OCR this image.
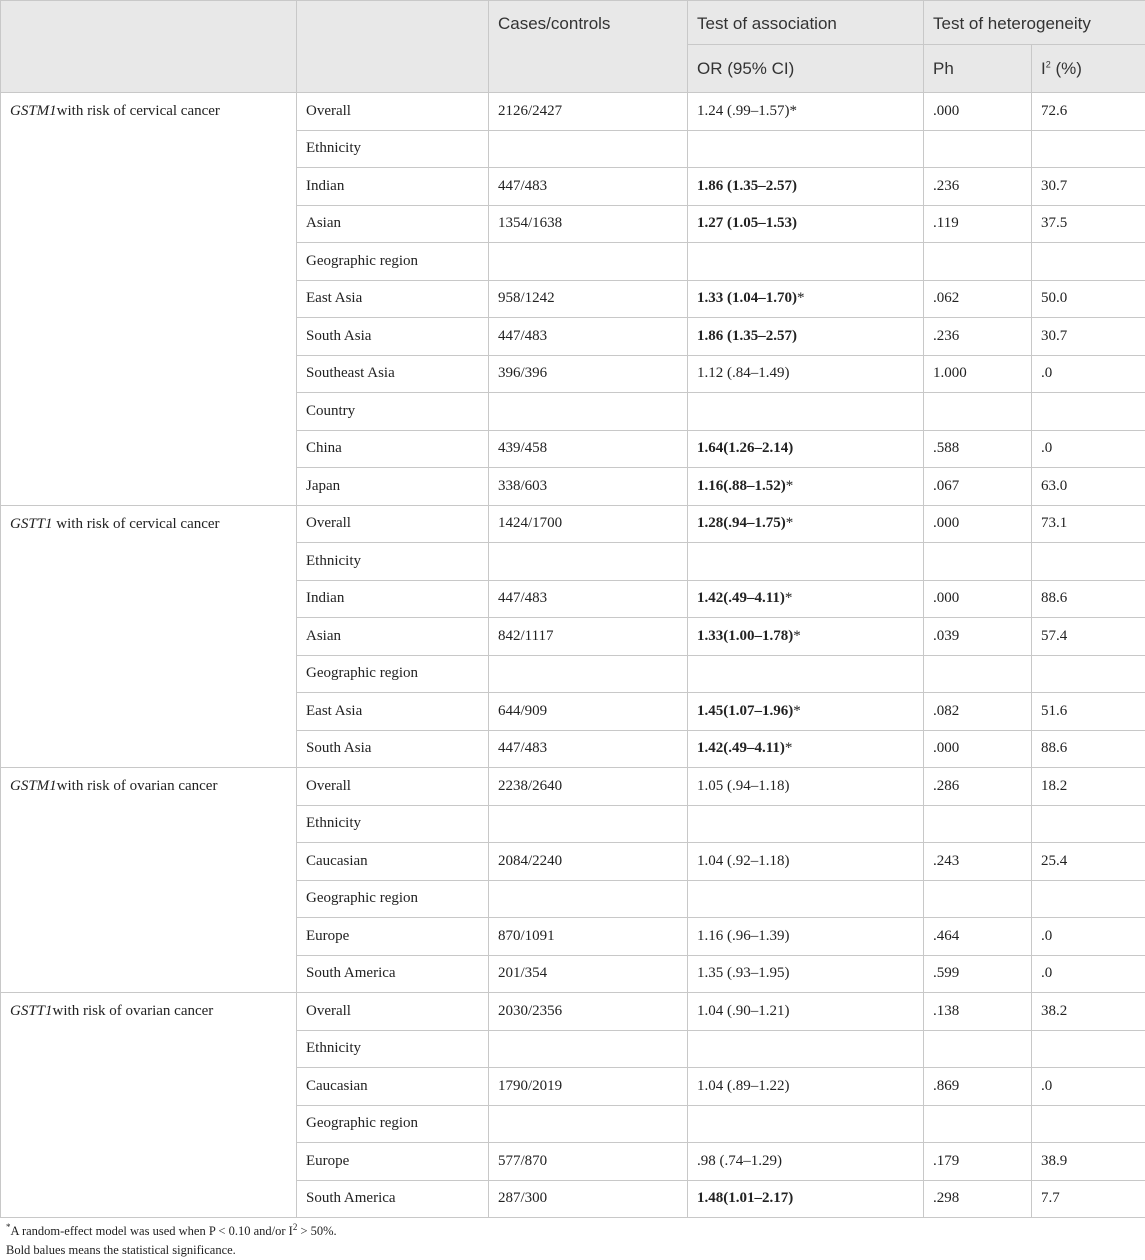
		Cases/controls	Test of association	Test of heterogeneity	
			OR (95% CI)	Ph	$I^2$ (%)
GSTM1with risk of cervical cancer	Overall	2126/2427	1.24 (.99–1.57)*	.000	72.6
	Ethnicity				
	Indian	447/483	1.86 (1.35–2.57)	.236	30.7
	Asian	1354/1638	1.27 (1.05–1.53)	.119	37.5
	Geographic region				
	East Asia	958/1242	1.33 (1.04–1.70)*	.062	50.0
	South Asia	447/483	1.86 (1.35–2.57)	.236	30.7
	Southeast Asia	396/396	1.12 (.84–1.49)	1.000	.0
	Country				
	China	439/458	1.64(1.26–2.14)	.588	.0
	Japan	338/603	1.16(.88–1.52)*	.067	63.0
GSTT1 with risk of cervical cancer	Overall	1424/1700	1.28(.94–1.75)*	.000	73.1
	Ethnicity				
	Indian	447/483	1.42(.49–4.11)*	.000	88.6
	Asian	842/1117	1.33(1.00–1.78)*	.039	57.4
	Geographic region				
	East Asia	644/909	1.45(1.07–1.96)*	.082	51.6
	South Asia	447/483	1.42(.49–4.11)*	.000	88.6
GSTM1with risk of ovarian cancer	Overall	2238/2640	1.05 (.94–1.18)	.286	18.2
	Ethnicity				
	Caucasian	2084/2240	1.04 (.92–1.18)	.243	25.4
	Geographic region				
	Europe	870/1091	1.16 (.96–1.39)	.464	.0
	South America	201/354	1.35 (.93–1.95)	.599	.0
GSTT1with risk of ovarian cancer	Overall	2030/2356	1.04 (.90–1.21)	.138	38.2
	Ethnicity				
	Caucasian	1790/2019	1.04 (.89–1.22)	.869	.0
	Geographic region				
	Europe	577/870	.98 (.74–1.29)	.179	38.9
	South America	287/300	1.48(1.01–2.17)	.298	7.7
*A random-effect model was used when P < 0.10 and/or $I^2 > 50\%$.
Bold balues means the statistical significance.
